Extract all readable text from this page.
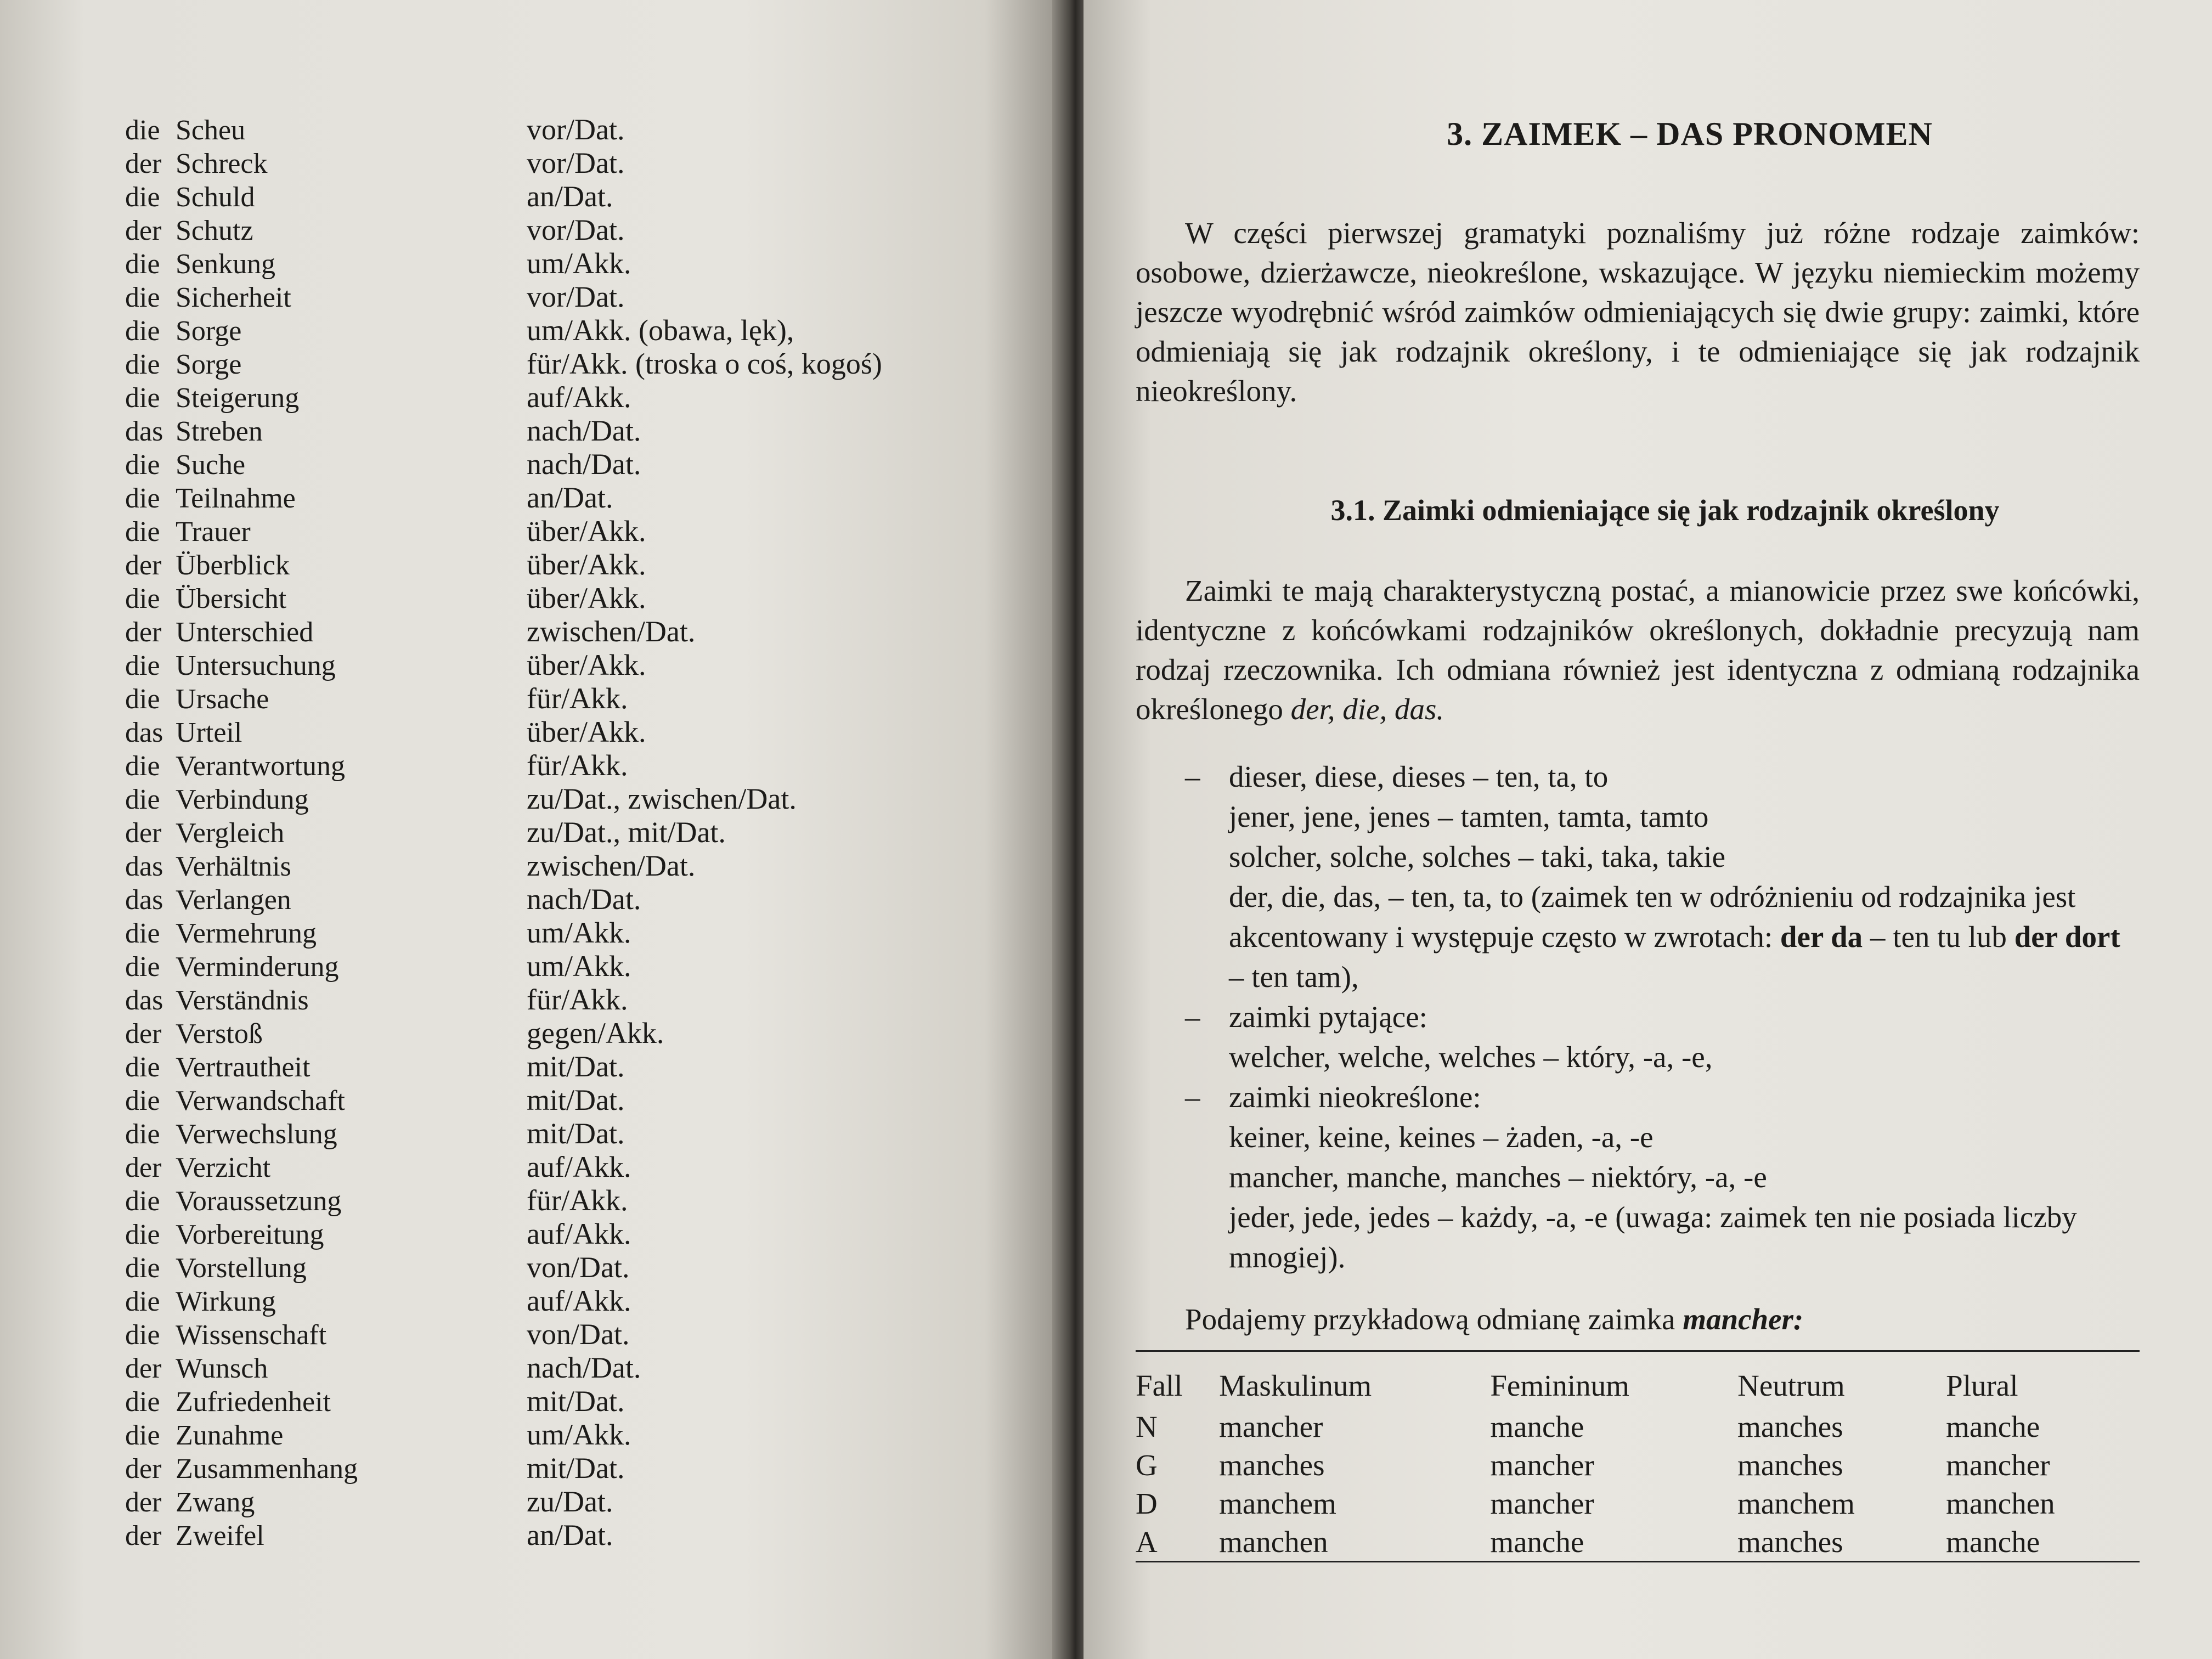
die Scheu	vor/Dat.
der Schreck	vor/Dat.
die Schuld	an/Dat.
der Schutz	vor/Dat.
die Senkung	um/Akk.
die Sicherheit	vor/Dat.
die Sorge	um/Akk. (obawa, lęk),
die Sorge	für/Akk. (troska o coś, kogoś)
die Steigerung	auf/Akk.
das Streben	nach/Dat.
die Suche	nach/Dat.
die Teilnahme	an/Dat.
die Trauer	über/Akk.
der Überblick	über/Akk.
die Übersicht	über/Akk.
der Unterschied	zwischen/Dat.
die Untersuchung	über/Akk.
die Ursache	für/Akk.
das Urteil	über/Akk.
die Verantwortung	für/Akk.
die Verbindung	zu/Dat., zwischen/Dat.
der Vergleich	zu/Dat., mit/Dat.
das Verhältnis	zwischen/Dat.
das Verlangen	nach/Dat.
die Vermehrung	um/Akk.
die Verminderung	um/Akk.
das Verständnis	für/Akk.
der Verstoß	gegen/Akk.
die Vertrautheit	mit/Dat.
die Verwandschaft	mit/Dat.
die Verwechslung	mit/Dat.
der Verzicht	auf/Akk.
die Voraussetzung	für/Akk.
die Vorbereitung	auf/Akk.
die Vorstellung	von/Dat.
die Wirkung	auf/Akk.
die Wissenschaft	von/Dat.
der Wunsch	nach/Dat.
die Zufriedenheit	mit/Dat.
die Zunahme	um/Akk.
der Zusammenhang	mit/Dat.
der Zwang	zu/Dat.
der Zweifel	an/Dat.
3. ZAIMEK – DAS PRONOMEN

W części pierwszej gramatyki poznaliśmy już różne rodzaje zaimków: osobowe, dzierżawcze, nieokreślone, wskazujące. W języku niemieckim możemy jeszcze wyodrębnić wśród zaimków odmieniających się dwie grupy: zaimki, które odmieniają się jak rodzajnik określony, i te odmieniające się jak rodzajnik nieokreślony.

3.1. Zaimki odmieniające się jak rodzajnik określony

Zaimki te mają charakterystyczną postać, a mianowicie przez swe końcówki, identyczne z końcówkami rodzajników określonych, dokładnie precyzują nam rodzaj rzeczownika. Ich odmiana również jest identyczna z odmianą rodzajnika określonego der, die, das.

– dieser, diese, dieses – ten, ta, to
jener, jene, jenes – tamten, tamta, tamto
solcher, solche, solches – taki, taka, takie
der, die, das, – ten, ta, to (zaimek ten w odróżnieniu od rodzajnika jest akcentowany i występuje często w zwrotach: der da – ten tu lub der dort – ten tam),
– zaimki pytające:
welcher, welche, welches – który, -a, -e,
– zaimki nieokreślone:
keiner, keine, keines – żaden, -a, -e
mancher, manche, manches – niektóry, -a, -e
jeder, jede, jedes – każdy, -a, -e (uwaga: zaimek ten nie posiada liczby mnogiej).
Podajemy przykładową odmianę zaimka mancher:
Fall	Maskulinum	Femininum	Neutrum	Plural
N	mancher	manche	manches	manche
G	manches	mancher	manches	mancher
D	manchem	mancher	manchem	manchen
A	manchen	manche	manches	manche
